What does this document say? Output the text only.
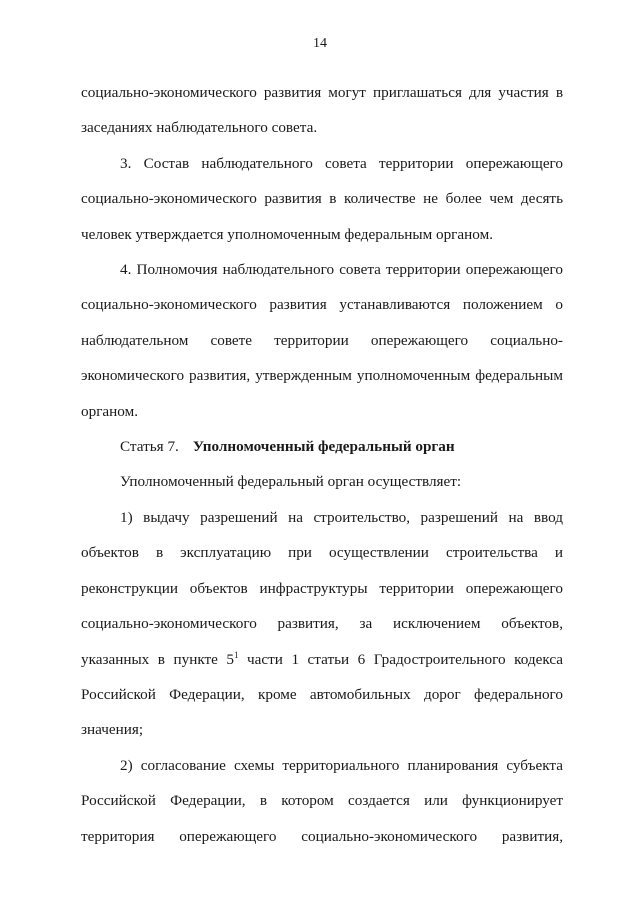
14

социально-экономического развития могут приглашаться для участия в заседаниях наблюдательного совета.

3. Состав наблюдательного совета территории опережающего социально-экономического развития в количестве не более чем десять человек утверждается уполномоченным федеральным органом.

4. Полномочия наблюдательного совета территории опережающего социально-экономического развития устанавливаются положением о наблюдательном совете территории опережающего социально-экономического развития, утвержденным уполномоченным федеральным органом.

Статья 7. Уполномоченный федеральный орган

Уполномоченный федеральный орган осуществляет:

1) выдачу разрешений на строительство, разрешений на ввод объектов в эксплуатацию при осуществлении строительства и реконструкции объектов инфраструктуры территории опережающего социально-экономического развития, за исключением объектов, указанных в пункте $5^1$ части 1 статьи 6 Градостроительного кодекса Российской Федерации, кроме автомобильных дорог федерального значения;

2) согласование схемы территориального планирования субъекта Российской Федерации, в котором создается или функционирует территория опережающего социально-экономического развития,
